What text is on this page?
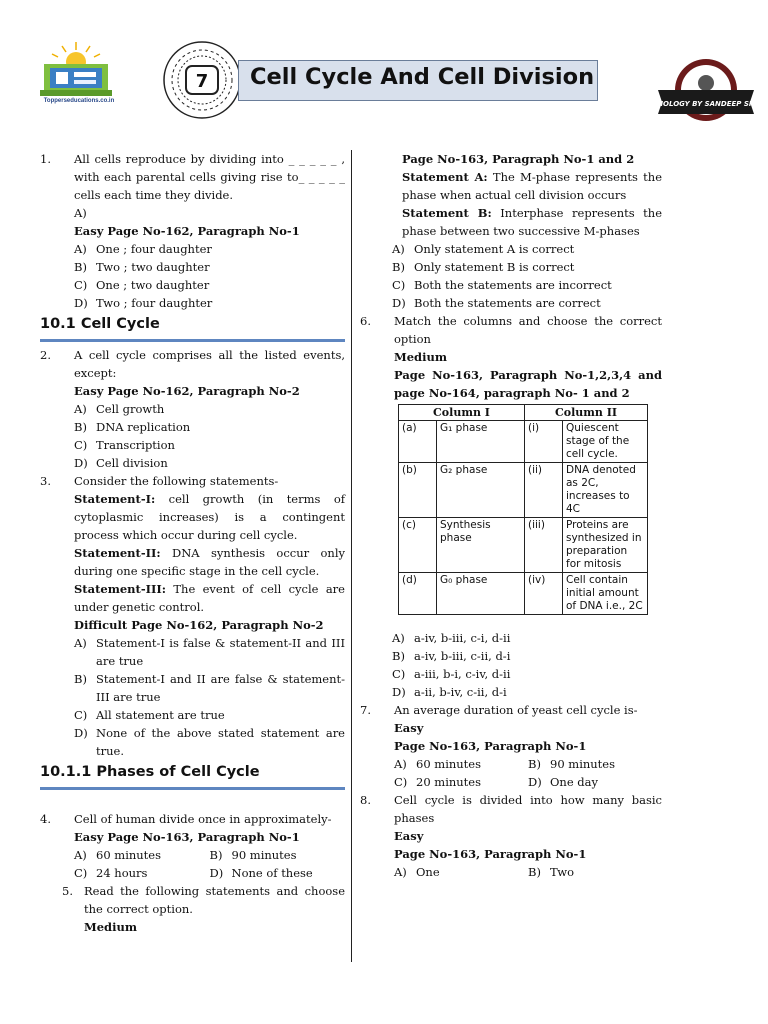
Topperseducations.co.in
7 Cell Cycle And Cell Division
BIOLOGY BY SANDEEP SIR
1.	All cells reproduce by dividing into _ _ _ _ _ , with each parental cells giving rise to_ _ _ _ _ cells each time they divide.
A)
Easy Page No-162, Paragraph No-1
A) One ; four daughter
B) Two ; two daughter
C) One ; two daughter
D) Two ; four daughter
10.1 Cell Cycle
2.	A cell cycle comprises all the listed events, except:
Easy Page No-162, Paragraph No-2
A) Cell growth
B) DNA replication
C) Transcription
D) Cell division
3.	Consider the following statements-
Statement-I: cell growth (in terms of cytoplasmic increases) is a contingent process which occur during cell cycle.
Statement-II: DNA synthesis occur only during one specific stage in the cell cycle.
Statement-III: The event of cell cycle are under genetic control.
Difficult Page No-162, Paragraph No-2
A) Statement-I is false & statement-II and III are true
B) Statement-I and II are false & statement-III are true
C) All statement are true
D) None of the above stated statement are true.
10.1.1 Phases of Cell Cycle
4.	Cell of human divide once in approximately-
Easy Page No-163, Paragraph No-1
A) 60 minutes	B) 90 minutes
C) 24 hours	D) None of these
5. Read the following statements and choose the correct option.
Medium
Page No-163, Paragraph No-1 and 2
Statement A: The M-phase represents the phase when actual cell division occurs
Statement B: Interphase represents the phase between two successive M-phases
A) Only statement A is correct
B) Only statement B is correct
C) Both the statements are incorrect
D) Both the statements are correct
6.	Match the columns and choose the correct option
Medium
Page No-163, Paragraph No-1,2,3,4 and page No-164, paragraph No- 1 and 2
Column I		Column II	
(a)	G₁ phase	(i)	Quiescent stage of the cell cycle.
(b)	G₂ phase	(ii)	DNA denoted as 2C, increases to 4C
(c)	Synthesis phase	(iii)	Proteins are synthesized in preparation for mitosis
(d)	G₀ phase	(iv)	Cell contain initial amount of DNA i.e., 2C
A) a-iv, b-iii, c-i, d-ii
B) a-iv, b-iii, c-ii, d-i
C) a-iii, b-i, c-iv, d-ii
D) a-ii, b-iv, c-ii, d-i
7.	An average duration of yeast cell cycle is-
Easy
Page No-163, Paragraph No-1
A) 60 minutes	B) 90 minutes
C) 20 minutes	D) One day
8.	Cell cycle is divided into how many basic phases
Easy
Page No-163, Paragraph No-1
A) One	B) Two
